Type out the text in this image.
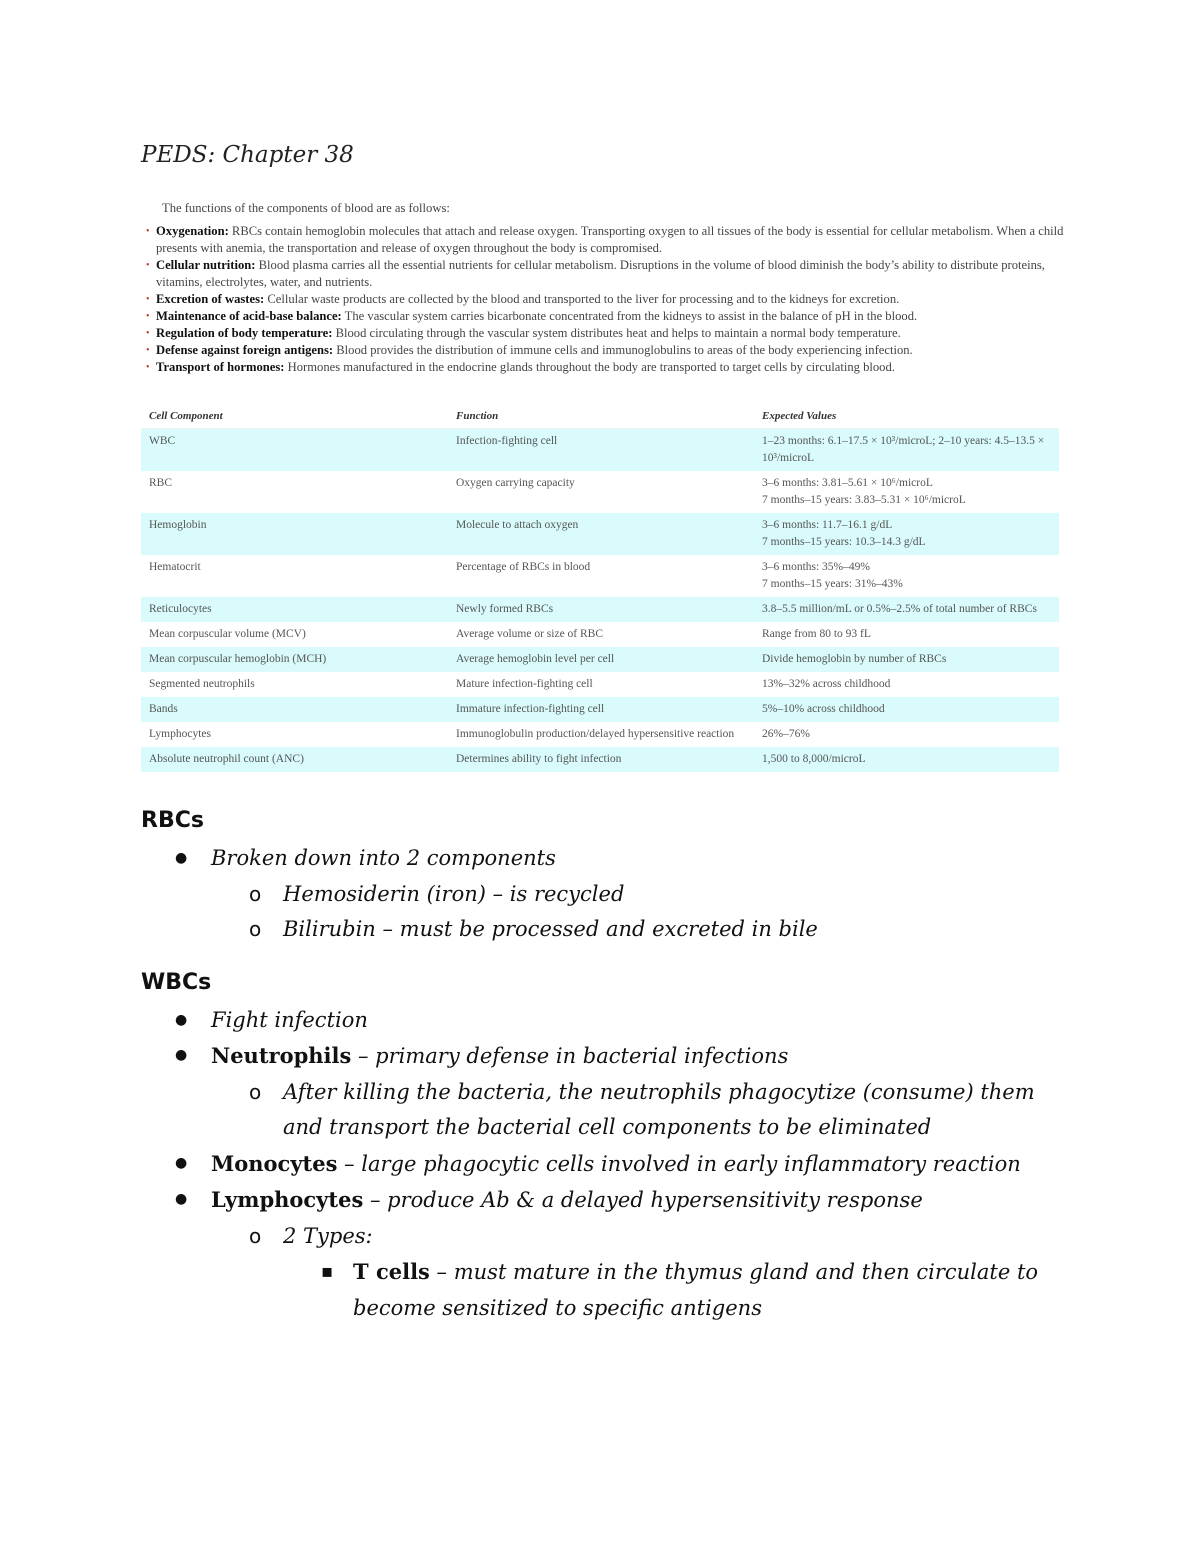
PEDS: Chapter 38

The functions of the components of blood are as follows:

• Oxygenation: RBCs contain hemoglobin molecules that attach and release oxygen. Transporting oxygen to all tissues of the body is essential for cellular metabolism. When a child presents with anemia, the transportation and release of oxygen throughout the body is compromised.
• Cellular nutrition: Blood plasma carries all the essential nutrients for cellular metabolism. Disruptions in the volume of blood diminish the body’s ability to distribute proteins, vitamins, electrolytes, water, and nutrients.
• Excretion of wastes: Cellular waste products are collected by the blood and transported to the liver for processing and to the kidneys for excretion.
• Maintenance of acid-base balance: The vascular system carries bicarbonate concentrated from the kidneys to assist in the balance of pH in the blood.
• Regulation of body temperature: Blood circulating through the vascular system distributes heat and helps to maintain a normal body temperature.
• Defense against foreign antigens: Blood provides the distribution of immune cells and immunoglobulins to areas of the body experiencing infection.
• Transport of hormones: Hormones manufactured in the endocrine glands throughout the body are transported to target cells by circulating blood.
Cell Component	Function	Expected Values
WBC	Infection-fighting cell	1–23 months: 6.1–17.5 × 10³/microL; 2–10 years: 4.5–13.5 × 10³/microL

RBC	Oxygen carrying capacity	3–6 months: 3.81–5.61 × 10⁶/microL
7 months–15 years: 3.83–5.31 × 10⁶/microL

Hemoglobin	Molecule to attach oxygen	3–6 months: 11.7–16.1 g/dL
7 months–15 years: 10.3–14.3 g/dL

Hematocrit	Percentage of RBCs in blood	3–6 months: 35%–49%
7 months–15 years: 31%–43%

Reticulocytes	Newly formed RBCs	3.8–5.5 million/mL or 0.5%–2.5% of total number of RBCs

Mean corpuscular volume (MCV)	Average volume or size of RBC	Range from 80 to 93 fL

Mean corpuscular hemoglobin (MCH)	Average hemoglobin level per cell	Divide hemoglobin by number of RBCs

Segmented neutrophils	Mature infection-fighting cell	13%–32% across childhood

Bands	Immature infection-fighting cell	5%–10% across childhood

Lymphocytes	Immunoglobulin production/delayed hypersensitive reaction	26%–76%

Absolute neutrophil count (ANC)	Determines ability to fight infection	1,500 to 8,000/microL
RBCs
● Broken down into 2 components
o Hemosiderin (iron) – is recycled
o Bilirubin – must be processed and excreted in bile
WBCs
● Fight infection
● Neutrophils – primary defense in bacterial infections
o After killing the bacteria, the neutrophils phagocytize (consume) them and transport the bacterial cell components to be eliminated
● Monocytes – large phagocytic cells involved in early inflammatory reaction
● Lymphocytes – produce Ab & a delayed hypersensitivity response
o 2 Types:
▪ T cells – must mature in the thymus gland and then circulate to become sensitized to specific antigens
